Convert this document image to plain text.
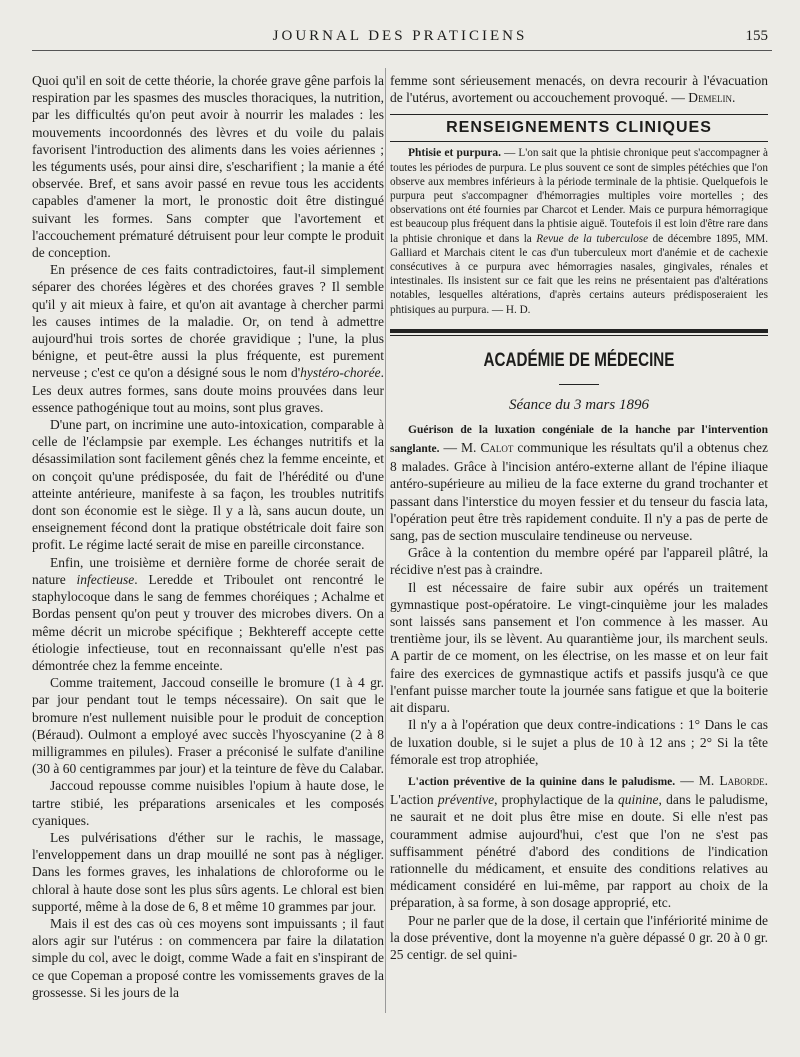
JOURNAL DES PRATICIENS	155

Quoi qu'il en soit de cette théorie, la chorée grave gêne parfois la respiration par les spasmes des muscles thoraciques, la nutrition, par les difficultés qu'on peut avoir à nourrir les malades : les mouvements incoordonnés des lèvres et du voile du palais favorisent l'introduction des aliments dans les voies aériennes ; les téguments usés, pour ainsi dire, s'escharifient ; la manie a été observée. Bref, et sans avoir passé en revue tous les accidents capables d'amener la mort, le pronostic doit être distingué suivant les formes. Sans compter que l'avortement et l'accouchement prématuré détruisent pour leur compte le produit de conception.

En présence de ces faits contradictoires, faut-il simplement séparer des chorées légères et des chorées graves ? Il semble qu'il y ait mieux à faire, et qu'on ait avantage à chercher parmi les causes intimes de la maladie. Or, on tend à admettre aujourd'hui trois sortes de chorée gravidique ; l'une, la plus bénigne, et peut-être aussi la plus fréquente, est purement nerveuse ; c'est ce qu'on a désigné sous le nom d'hystéro-chorée. Les deux autres formes, sans doute moins prouvées dans leur essence pathogénique tout au moins, sont plus graves.

D'une part, on incrimine une auto-intoxication, comparable à celle de l'éclampsie par exemple. Les échanges nutritifs et la désassimilation sont facilement gênés chez la femme enceinte, et on conçoit qu'une prédisposée, du fait de l'hérédité ou d'une atteinte antérieure, manifeste à sa façon, les troubles nutritifs dont son économie est le siège. Il y a là, sans aucun doute, un enseignement fécond dont la pratique obstétricale doit faire son profit. Le régime lacté serait de mise en pareille circonstance.

Enfin, une troisième et dernière forme de chorée serait de nature infectieuse. Leredde et Triboulet ont rencontré le staphylocoque dans le sang de femmes choréiques ; Achalme et Bordas pensent qu'on peut y trouver des microbes divers. On a même décrit un microbe spécifique ; Bekhtereff accepte cette étiologie infectieuse, tout en reconnaissant qu'elle n'est pas démontrée chez la femme enceinte.

Comme traitement, Jaccoud conseille le bromure (1 à 4 gr. par jour pendant tout le temps nécessaire). On sait que le bromure n'est nullement nuisible pour le produit de conception (Béraud). Oulmont a employé avec succès l'hyoscyanine (2 à 8 milligrammes en pilules). Fraser a préconisé le sulfate d'aniline (30 à 60 centigrammes par jour) et la teinture de fève du Calabar.

Jaccoud repousse comme nuisibles l'opium à haute dose, le tartre stibié, les préparations arsenicales et les composés cyaniques.

Les pulvérisations d'éther sur le rachis, le massage, l'enveloppement dans un drap mouillé ne sont pas à négliger. Dans les formes graves, les inhalations de chloroforme ou le chloral à haute dose sont les plus sûrs agents. Le chloral est bien supporté, même à la dose de 6, 8 et même 10 grammes par jour.

Mais il est des cas où ces moyens sont impuissants ; il faut alors agir sur l'utérus : on commencera par faire la dilatation simple du col, avec le doigt, comme Wade a fait en s'inspirant de ce que Copeman a proposé contre les vomissements graves de la grossesse. Si les jours de la

femme sont sérieusement menacés, on devra recourir à l'évacuation de l'utérus, avortement ou accouchement provoqué. — Demelin.

RENSEIGNEMENTS CLINIQUES

Phtisie et purpura. — L'on sait que la phtisie chronique peut s'accompagner à toutes les périodes de purpura. Le plus souvent ce sont de simples pétéchies que l'on observe aux membres inférieurs à la période terminale de la phtisie. Quelquefois le purpura peut s'accompagner d'hémorragies multiples voire mortelles ; des observations ont été fournies par Charcot et Lender. Mais ce purpura hémorragique est beaucoup plus fréquent dans la phtisie aiguë. Toutefois il est loin d'être rare dans la phtisie chronique et dans la Revue de la tuberculose de décembre 1895, MM. Galliard et Marchais citent le cas d'un tuberculeux mort d'anémie et de cachexie consécutives à ce purpura avec hémorragies nasales, gingivales, rénales et intestinales. Ils insistent sur ce fait que les reins ne présentaient pas d'altérations notables, lesquelles altérations, d'après certains auteurs prédisposeraient les phtisiques au purpura. — H. D.

ACADÉMIE DE MÉDECINE
Séance du 3 mars 1896

Guérison de la luxation congéniale de la hanche par l'intervention sanglante. — M. Calot communique les résultats qu'il a obtenus chez 8 malades. Grâce à l'incision antéro-externe allant de l'épine iliaque antéro-supérieure au milieu de la face externe du grand trochanter et passant dans l'interstice du moyen fessier et du tenseur du fascia lata, l'opération peut être très rapidement conduite. Il n'y a pas de perte de sang, pas de section musculaire tendineuse ou nerveuse.

Grâce à la contention du membre opéré par l'appareil plâtré, la récidive n'est pas à craindre.

Il est nécessaire de faire subir aux opérés un traitement gymnastique post-opératoire. Le vingt-cinquième jour les malades sont laissés sans pansement et l'on commence à les masser. Au trentième jour, ils se lèvent. Au quarantième jour, ils marchent seuls. A partir de ce moment, on les électrise, on les masse et on leur fait faire des exercices de gymnastique actifs et passifs jusqu'à ce que l'enfant puisse marcher toute la journée sans fatigue et que la boiterie ait disparu.

Il n'y a à l'opération que deux contre-indications : 1° Dans le cas de luxation double, si le sujet a plus de 10 à 12 ans ; 2° Si la tête fémorale est trop atrophiée,

L'action préventive de la quinine dans le paludisme. — M. Laborde. L'action préventive, prophylactique de la quinine, dans le paludisme, ne saurait et ne doit plus être mise en doute. Si elle n'est pas couramment admise aujourd'hui, c'est que l'on ne s'est pas suffisamment pénétré d'abord des conditions de l'indication rationnelle du médicament, et ensuite des conditions relatives au médicament considéré en lui-même, par rapport au choix de la préparation, à sa forme, à son dosage approprié, etc.

Pour ne parler que de la dose, il certain que l'infériorité minime de la dose préventive, dont la moyenne n'a guère dépassé 0 gr. 20 à 0 gr. 25 centigr. de sel quini-
